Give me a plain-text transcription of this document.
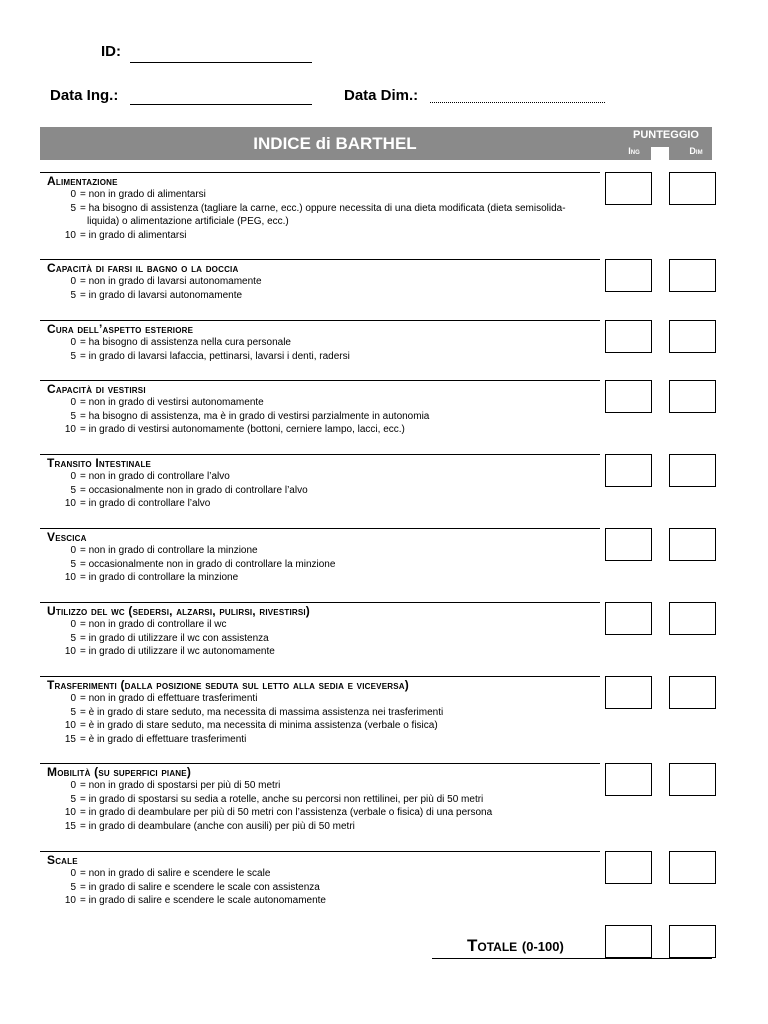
ID:
Data Ing.:	Data Dim.:
INDICE di BARTHEL	PUNTEGGIO
Ing	Dim
Alimentazione
0 = non in grado di alimentarsi
5 = ha bisogno di assistenza (tagliare la carne, ecc.) oppure necessita di una dieta modificata (dieta semisolida-
liquida) o alimentazione artificiale (PEG, ecc.)
10 = in grado di alimentarsi
Capacità di farsi il bagno o la doccia
0 = non in grado di lavarsi autonomamente
5 = in grado di lavarsi autonomamente
Cura dell’aspetto esteriore
0 = ha bisogno di assistenza nella cura personale
5 = in grado di lavarsi lafaccia, pettinarsi, lavarsi i denti, radersi
Capacità di vestirsi
0 = non in grado di vestirsi autonomamente
5 = ha bisogno di assistenza, ma è in grado di vestirsi parzialmente in autonomia
10 = in grado di vestirsi autonomamente (bottoni, cerniere lampo, lacci, ecc.)
Transito Intestinale
0 = non in grado di controllare l’alvo
5 = occasionalmente non in grado di controllare l’alvo
10 = in grado di controllare l’alvo
Vescica
0 = non in grado di controllare la minzione
5 = occasionalmente non in grado di controllare la minzione
10 = in grado di controllare la minzione
Utilizzo del wc (sedersi, alzarsi, pulirsi, rivestirsi)
0 = non in grado di controllare il wc
5 = in grado di utilizzare il wc con assistenza
10 = in grado di utilizzare il wc autonomamente
Trasferimenti (dalla posizione seduta sul letto alla sedia e viceversa)
0 = non in grado di effettuare trasferimenti
5 = è in grado di stare seduto, ma necessita di massima assistenza nei trasferimenti
10 = è in grado di stare seduto, ma necessita di minima assistenza (verbale o fisica)
15 = è in grado di effettuare trasferimenti
Mobilità (su superfici piane)
0 = non in grado di spostarsi per più di 50 metri
5 = in grado di spostarsi su sedia a rotelle, anche su percorsi non rettilinei, per più di 50 metri
10 = in grado di deambulare per più di 50 metri con l’assistenza (verbale o fisica) di una persona
15 = in grado di deambulare (anche con ausili) per più di 50 metri
Scale
0 = non in grado di salire e scendere le scale
5 = in grado di salire e scendere le scale con assistenza
10 = in grado di salire e scendere le scale autonomamente
Totale (0-100)
